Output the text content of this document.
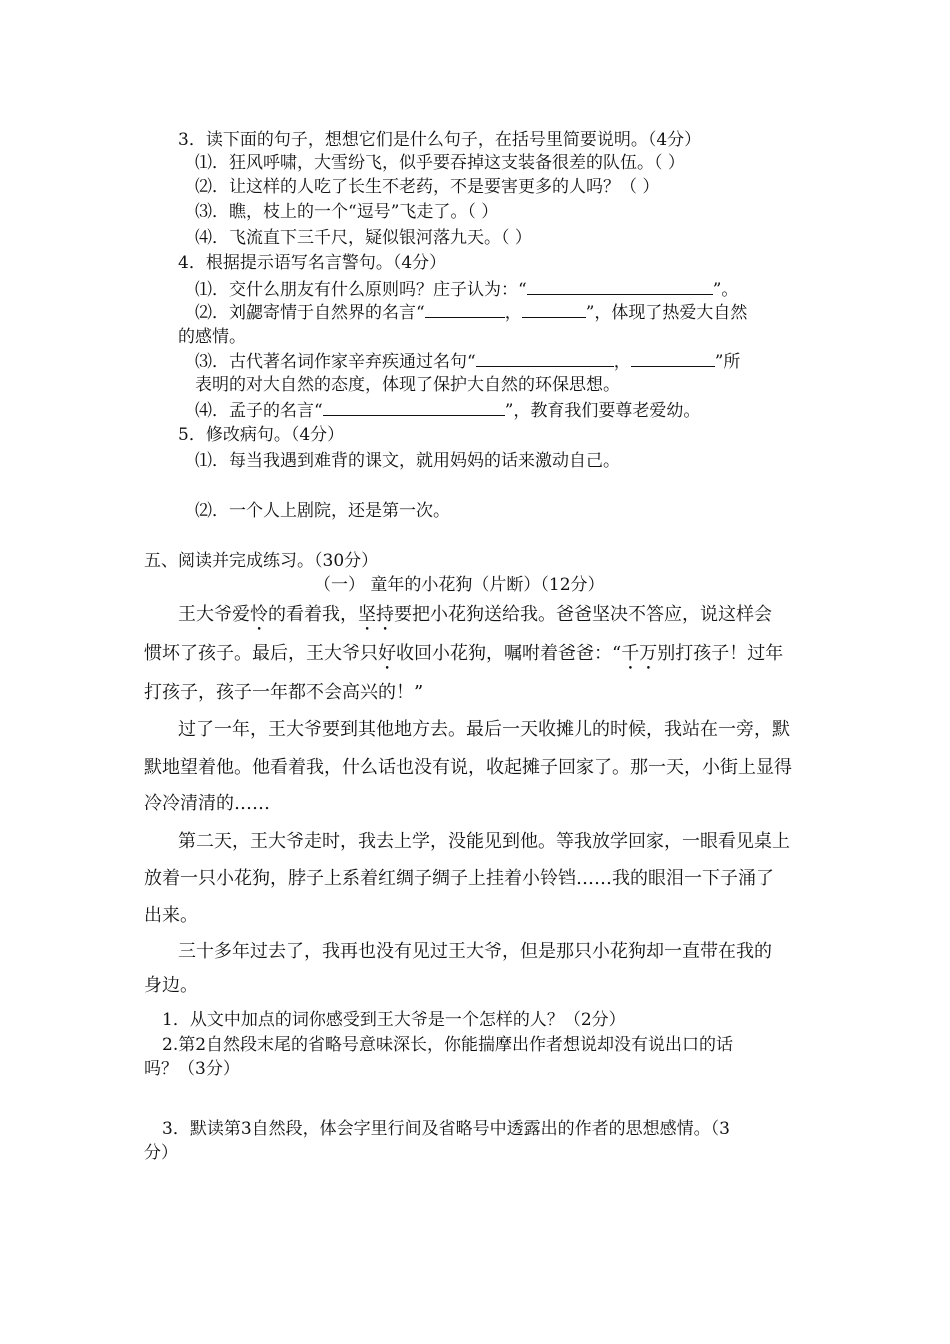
3．读下面的句子，想想它们是什么句子，在括号里简要说明。（4分）
⑴．狂风呼啸，大雪纷飞，似乎要吞掉这支装备很差的队伍。（ ）
⑵．让这样的人吃了长生不老药，不是要害更多的人吗？（ ）
⑶．瞧，枝上的一个“逗号”飞走了。（ ）
⑷．飞流直下三千尺，疑似银河落九天。（ ）
4．根据提示语写名言警句。（4分）
⑴．交什么朋友有什么原则吗？庄子认为：“	”。
⑵．刘勰寄情于自然界的名言“	，	”，体现了热爱大自然
的感情。
⑶．古代著名词作家辛弃疾通过名句“	，	”所
表明的对大自然的态度，体现了保护大自然的环保思想。
⑷．孟子的名言“	”，教育我们要尊老爱幼。
5．修改病句。（4分）
⑴．每当我遇到难背的课文，就用妈妈的话来激动自己。
⑵．一个人上剧院，还是第一次。
五、阅读并完成练习。（30分）
（一） 童年的小花狗（片断）（12分）
王大爷爱怜的看着我，坚持要把小花狗送给我。爸爸坚决不答应，说这样会
惯坏了孩子。最后，王大爷只好收回小花狗，嘱咐着爸爸：“千万别打孩子！过年
打孩子，孩子一年都不会高兴的！”
过了一年，王大爷要到其他地方去。最后一天收摊儿的时候，我站在一旁，默
默地望着他。他看着我，什么话也没有说，收起摊子回家了。那一天，小街上显得
冷冷清清的……
第二天，王大爷走时，我去上学，没能见到他。等我放学回家，一眼看见桌上
放着一只小花狗，脖子上系着红绸子绸子上挂着小铃铛……我的眼泪一下子涌了
出来。
三十多年过去了，我再也没有见过王大爷，但是那只小花狗却一直带在我的
身边。
1．从文中加点的词你感受到王大爷是一个怎样的人？（2分）
2.第2自然段末尾的省略号意味深长，你能揣摩出作者想说却没有说出口的话
吗？（3分）
3．默读第3自然段，体会字里行间及省略号中透露出的作者的思想感情。（3
分）
